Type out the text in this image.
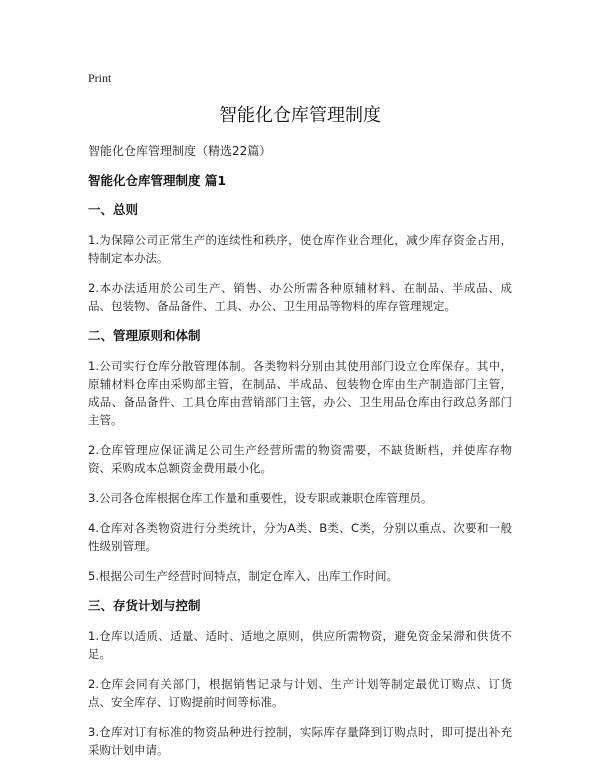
Print
智能化仓库管理制度

智能化仓库管理制度（精选22篇）

智能化仓库管理制度 篇1

一、总则

1.为保障公司正常生产的连续性和秩序，使仓库作业合理化，减少库存资金占用，特制定本办法。

2.本办法适用於公司生产、销售、办公所需各种原辅材料、在制品、半成品、成品、包装物、备品备件、工具、办公、卫生用品等物料的库存管理规定。

二、管理原则和体制

1.公司实行仓库分散管理体制。各类物料分别由其使用部门设立仓库保存。其中，原辅材料仓库由采购部主管，在制品、半成品、包装物仓库由生产制造部门主管，成品、备品备件、工具仓库由营销部门主管，办公、卫生用品仓库由行政总务部门主管。

2.仓库管理应保证满足公司生产经营所需的物资需要，不缺货断档，并使库存物资、采购成本总额资金费用最小化。

3.公司各仓库根据仓库工作量和重要性，设专职或兼职仓库管理员。

4.仓库对各类物资进行分类统计，分为A类、B类、C类，分别以重点、次要和一般性级别管理。

5.根据公司生产经营时间特点，制定仓库入、出库工作时间。

三、存货计划与控制

1.仓库以适质、适量、适时、适地之原则，供应所需物资，避免资金呆滞和供货不足。

2.仓库会同有关部门，根据销售记录与计划、生产计划等制定最优订购点、订货点、安全库存、订购提前时间等标准。

3.仓库对订有标准的物资品种进行控制，实际库存量降到订购点时，即可提出补充采购计划申请。
